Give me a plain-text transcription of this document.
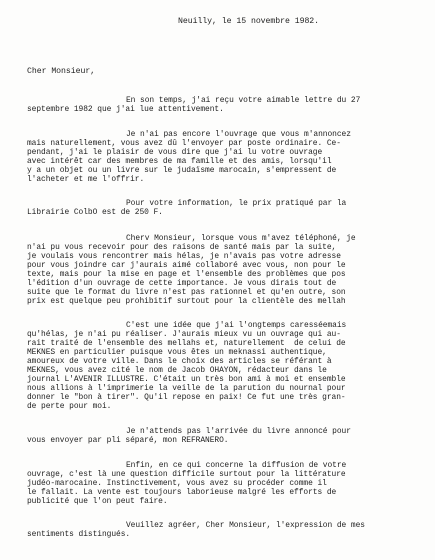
Neuilly, le 15 novembre 1982.
Cher Monsieur,
En son temps, j'ai reçu votre aimable lettre du 27
septembre 1982 que j'ai lue attentivement.
Je n'ai pas encore l'ouvrage que vous m'annoncez
mais naturellement, vous avez dû l'envoyer par poste ordinaire. Ce-
pendant, j'ai le plaisir de vous dire que j'ai lu votre ouvrage
avec intérêt car des membres de ma famille et des amis, lorsqu'il
y a un objet ou un livre sur le judaïsme marocain, s'empressent de
l'acheter et me l'offrir.
Pour votre information, le prix pratiqué par la
Librairie ColbO est de 250 F.
Cherv Monsieur, lorsque vous m'avez téléphoné, je
n'ai pu vous recevoir pour des raisons de santé mais par la suite,
je voulais vous rencontrer mais hélas, je n'avais pas votre adresse
pour vous joindre car j'aurais aimé collaboré avec vous, non pour le
texte, mais pour la mise en page et l'ensemble des problèmes que pos
l'édition d'un ouvrage de cette importance. Je vous dirais tout de
suite que le format du livre n'est pas rationnel et qu'en outre, son
prix est quelque peu prohibitif surtout pour la clientèle des mellah
C'est une idée que j'ai l'ongtemps caresséemais
qu'hélas, je n'ai pu réaliser. J'aurais mieux vu un ouvrage qui au-
rait traité de l'ensemble des mellahs et, naturellement  de celui de
MEKNES en particulier puisque vous êtes un meknassi authentique,
amoureux de votre ville. Dans le choix des articles se référant à
MEKNES, vous avez cité le nom de Jacob OHAYON, rédacteur dans le
journal L'AVENIR ILLUSTRE. C'était un très bon ami à moi et ensemble
nous allions à l'imprimerie la veille de la parution du nournal pour
donner le "bon à tirer". Qu'il repose en paix! Ce fut une très gran-
de perte pour moi.
Je n'attends pas l'arrivée du livre annoncé pour
vous envoyer par pli séparé, mon REFRANERO.
Enfin, en ce qui concerne la diffusion de votre
ouvrage, c'est là une question difficile surtout pour la littérature
judéo-marocaine. Instinctivement, vous avez su procéder comme il
le fallait. La vente est toujours laborieuse malgré les efforts de
publicité que l'on peut faire.
Veuillez agréer, Cher Monsieur, l'expression de mes
sentiments distingués.
